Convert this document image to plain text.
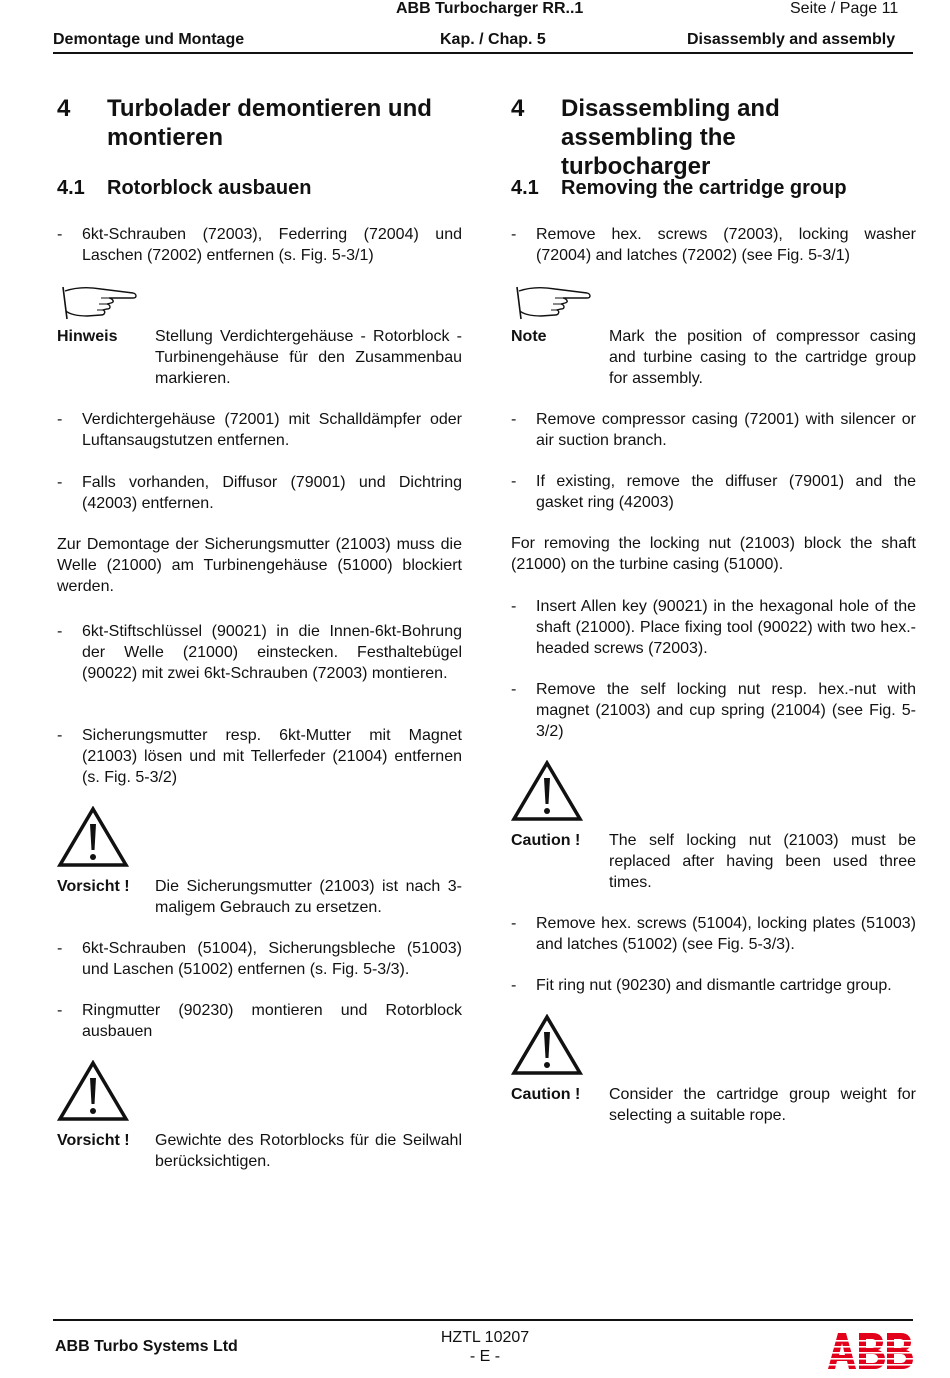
ABB Turbocharger RR..1	Seite / Page 11
Demontage und Montage	Kap. / Chap. 5	Disassembly and assembly
4	Turbolader demontieren und montieren
4.1	Rotorblock ausbauen
-	6kt-Schrauben (72003), Federring (72004) und Laschen (72002) entfernen (s. Fig. 5-3/1)
Hinweis	Stellung Verdichtergehäuse - Rotorblock - Turbinengehäuse für den Zusammenbau markieren.
-	Verdichtergehäuse (72001) mit Schalldämpfer oder Luftansaugstutzen entfernen.
-	Falls vorhanden, Diffusor (79001) und Dichtring (42003) entfernen.
Zur Demontage der Sicherungsmutter (21003) muss die Welle (21000) am Turbinengehäuse (51000) blockiert werden.
-	6kt-Stiftschlüssel (90021) in die Innen-6kt-Bohrung der Welle (21000) einstecken. Festhaltebügel (90022) mit zwei 6kt-Schrauben (72003) montieren.
-	Sicherungsmutter resp. 6kt-Mutter mit Magnet (21003) lösen und mit Tellerfeder (21004) entfernen (s. Fig. 5-3/2)
Vorsicht !	Die Sicherungsmutter (21003) ist nach 3-maligem Gebrauch zu ersetzen.
-	6kt-Schrauben (51004), Sicherungsbleche (51003) und Laschen (51002) entfernen (s. Fig. 5-3/3).
-	Ringmutter (90230) montieren und Rotorblock ausbauen
Vorsicht !	Gewichte des Rotorblocks für die Seilwahl berücksichtigen.
4	Disassembling and assembling the turbocharger
4.1	Removing the cartridge group
-	Remove hex. screws (72003), locking washer (72004) and latches (72002) (see Fig. 5-3/1)
Note	Mark the position of compressor casing and turbine casing to the cartridge group for assembly.
-	Remove compressor casing (72001) with silencer or air suction branch.
-	If existing, remove the diffuser (79001) and the gasket ring (42003)
For removing the locking nut (21003) block the shaft (21000) on the turbine casing (51000).
-	Insert Allen key (90021) in the hexagonal hole of the shaft (21000). Place fixing tool (90022) with two hex.-headed screws (72003).
-	Remove the self locking nut resp. hex.-nut with magnet (21003) and cup spring (21004) (see Fig. 5-3/2)
Caution !	The self locking nut (21003) must be replaced after having been used three times.
-	Remove hex. screws (51004), locking plates (51003) and latches (51002) (see Fig. 5-3/3).
-	Fit ring nut (90230) and dismantle cartridge group.
Caution !	Consider the cartridge group weight for selecting a suitable rope.
ABB Turbo Systems Ltd
HZTL 10207
- E -
